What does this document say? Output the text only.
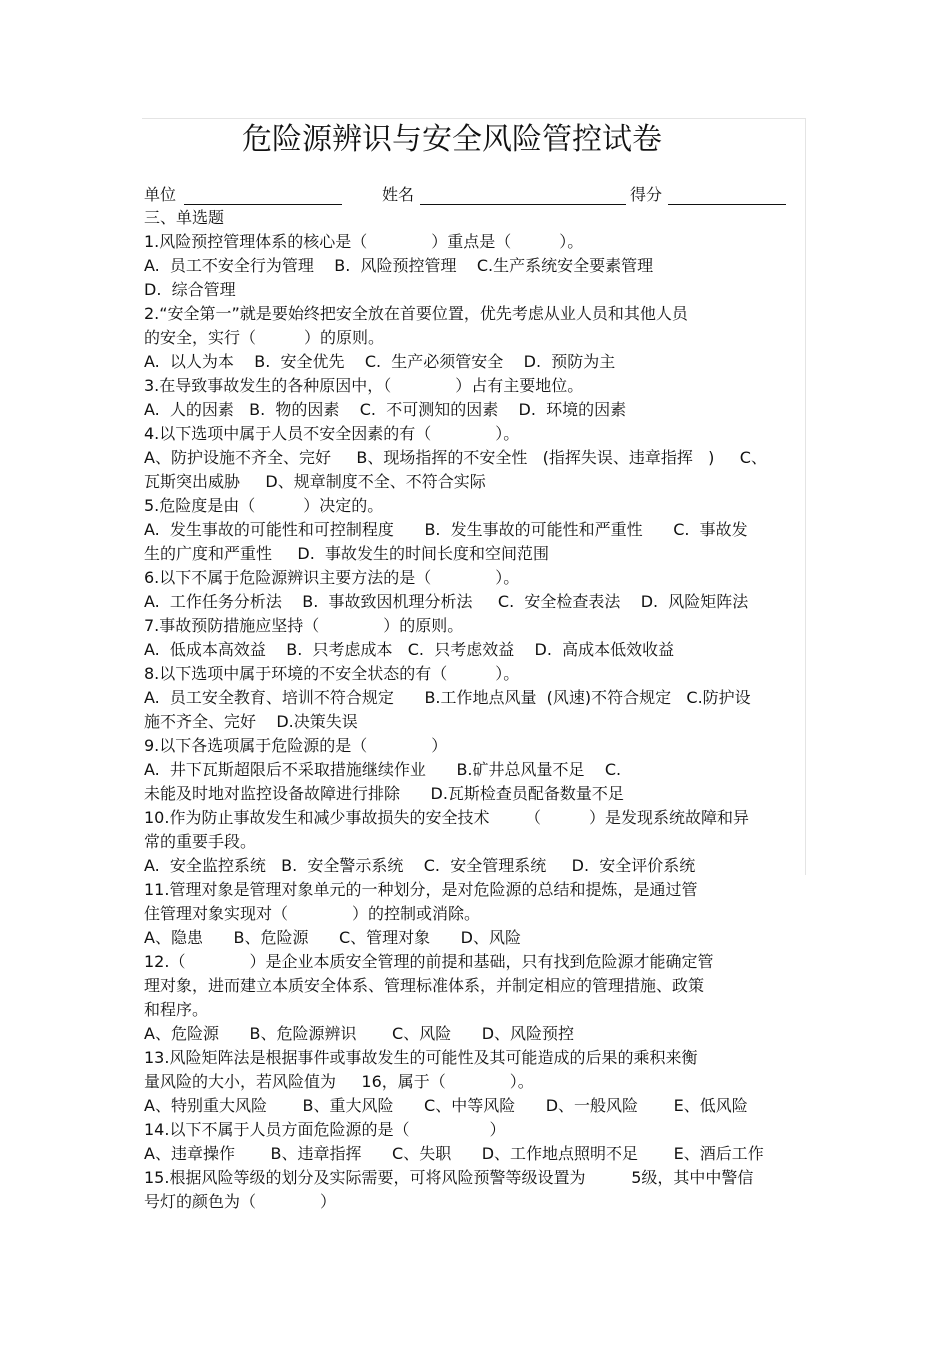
危险源辨识与安全风险管控试卷
单位	姓名	得分
三、单选题
1.风险预控管理体系的核心是（　　　　）重点是（　　　）。
A.  员工不安全行为管理    B.  风险预控管理    C.生产系统安全要素管理
D.  综合管理
2.“安全第一”就是要始终把安全放在首要位置，优先考虑从业人员和其他人员
的安全，实行（　　　）的原则。
A.  以人为本    B.  安全优先    C.  生产必须管安全    D.  预防为主
3.在导致事故发生的各种原因中，（　　　　）占有主要地位。
A.  人的因素   B.  物的因素    C.  不可测知的因素    D.  环境的因素
4.以下选项中属于人员不安全因素的有（　　　　）。
A、防护设施不齐全、完好     B、现场指挥的不安全性   (指挥失误、违章指挥   )     C、
瓦斯突出威胁     D、规章制度不全、不符合实际
5.危险度是由（　　　）决定的。
A.  发生事故的可能性和可控制程度      B.  发生事故的可能性和严重性      C.  事故发
生的广度和严重性     D.  事故发生的时间长度和空间范围
6.以下不属于危险源辨识主要方法的是（　　　　）。
A.  工作任务分析法    B.  事故致因机理分析法     C.  安全检查表法    D.  风险矩阵法
7.事故预防措施应坚持（　　　　）的原则。
A.  低成本高效益    B.  只考虑成本   C.  只考虑效益    D.  高成本低效收益
8.以下选项中属于环境的不安全状态的有（　　　）。
A.  员工安全教育、培训不符合规定      B.工作地点风量  (风速)不符合规定   C.防护设
施不齐全、完好    D.决策失误
9.以下各选项属于危险源的是（　　　　）
A.  井下瓦斯超限后不采取措施继续作业      B.矿井总风量不足    C.
未能及时地对监控设备故障进行排除      D.瓦斯检查员配备数量不足
10.作为防止事故发生和减少事故损失的安全技术       （　　　）是发现系统故障和异
常的重要手段。
A.  安全监控系统   B.  安全警示系统    C.  安全管理系统     D.  安全评价系统
11.管理对象是管理对象单元的一种划分，是对危险源的总结和提炼，是通过管
住管理对象实现对（　　　　）的控制或消除。
A、隐患      B、危险源      C、管理对象      D、风险
12.（　　　　）是企业本质安全管理的前提和基础，只有找到危险源才能确定管
理对象，进而建立本质安全体系、管理标准体系，并制定相应的管理措施、政策
和程序。
A、危险源      B、危险源辨识       C、风险      D、风险预控
13.风险矩阵法是根据事件或事故发生的可能性及其可能造成的后果的乘积来衡
量风险的大小，若风险值为     16，属于（　　　　）。
A、特别重大风险       B、重大风险      C、中等风险      D、一般风险       E、低风险
14.以下不属于人员方面危险源的是（　　　　　）
A、违章操作       B、违章指挥      C、失职      D、工作地点照明不足       E、酒后工作
15.根据风险等级的划分及实际需要，可将风险预警等级设置为         5级，其中中警信
号灯的颜色为（　　　　）
